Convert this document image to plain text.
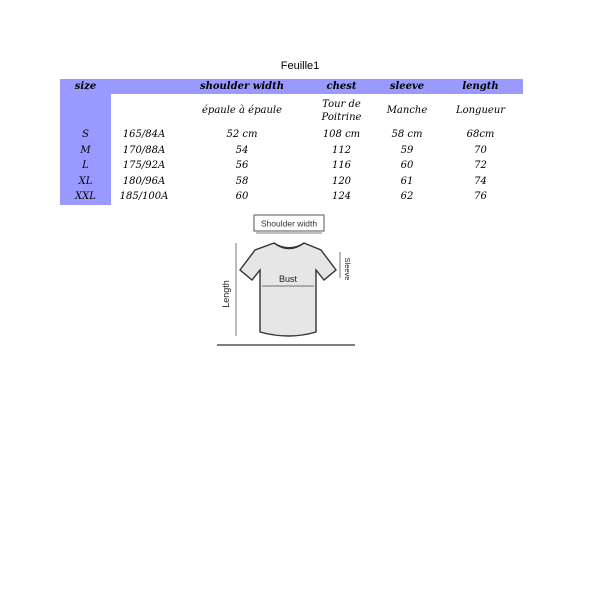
Feuille1
size		shoulder width	chest	sleeve	length
		épaule à épaule	Tour de Poitrine	Manche	Longueur
S	165/84A	52 cm	108 cm	58 cm	68cm
M	170/88A	54	112	59	70
L	175/92A	56	116	60	72
XL	180/96A	58	120	61	74
XXL	185/100A	60	124	62	76
Shoulder width
Bust
Length
Sleeve
